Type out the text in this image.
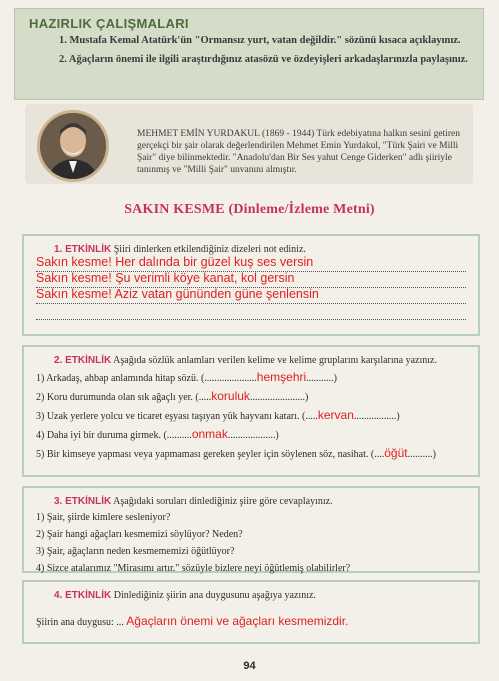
HAZIRLIK ÇALIŞMALARI

1. Mustafa Kemal Atatürk'ün "Ormansız yurt, vatan değildir." sözünü kısaca açıklayınız.

2. Ağaçların önemi ile ilgili araştırdığınız atasözü ve özdeyişleri arkadaşlarınızla paylaşınız.

MEHMET EMİN YURDAKUL (1869 - 1944) Türk edebiyatına halkın sesini getiren gerçekçi bir şair olarak değerlendirilen Mehmet Emin Yurdakul, "Türk Şairi ve Milli Şair" diye bilinmektedir. "Anadolu'dan Bir Ses yahut Cenge Giderken" adlı şiiriyle tanınmış ve "Milli Şair" unvanını almıştır.

SAKIN KESME (Dinleme/İzleme Metni)
1. ETKİNLİK Şiiri dinlerken etkilendiğiniz dizeleri not ediniz.
Sakın kesme! Her dalında bir güzel kuş ses versin
Sakın kesme! Şu verimli köye kanat, kol gersin
Sakın kesme! Aziz vatan gününden güne şenlensin
2. ETKİNLİK Aşağıda sözlük anlamları verilen kelime ve kelime gruplarını karşılarına yazınız.
1) Arkadaş, ahbap anlamında hitap sözü. (.....................hemşehri...........)
2) Koru durumunda olan sık ağaçlı yer. (.....koruluk......................)
3) Uzak yerlere yolcu ve ticaret eşyası taşıyan yük hayvanı katarı. (.....kervan.................)
4) Daha iyi bir duruma girmek. (..........onmak...................)
5) Bir kimseye yapması veya yapmaması gereken şeyler için söylenen söz, nasihat. (....öğüt..........)
3. ETKİNLİK Aşağıdaki soruları dinlediğiniz şiire göre cevaplayınız.
1) Şair, şiirde kimlere sesleniyor?
2) Şair hangi ağaçları kesmemizi söylüyor? Neden?
3) Şair, ağaçların neden kesmememizi öğütlüyor?
4) Sizce atalarımız "Mirasımı artır." sözüyle bizlere neyi öğütlemiş olabilirler?
4. ETKİNLİK Dinlediğiniz şiirin ana duygusunu aşağıya yazınız.
Şiirin ana duygusu: ... Ağaçların önemi ve ağaçları kesmemizdir.
94
